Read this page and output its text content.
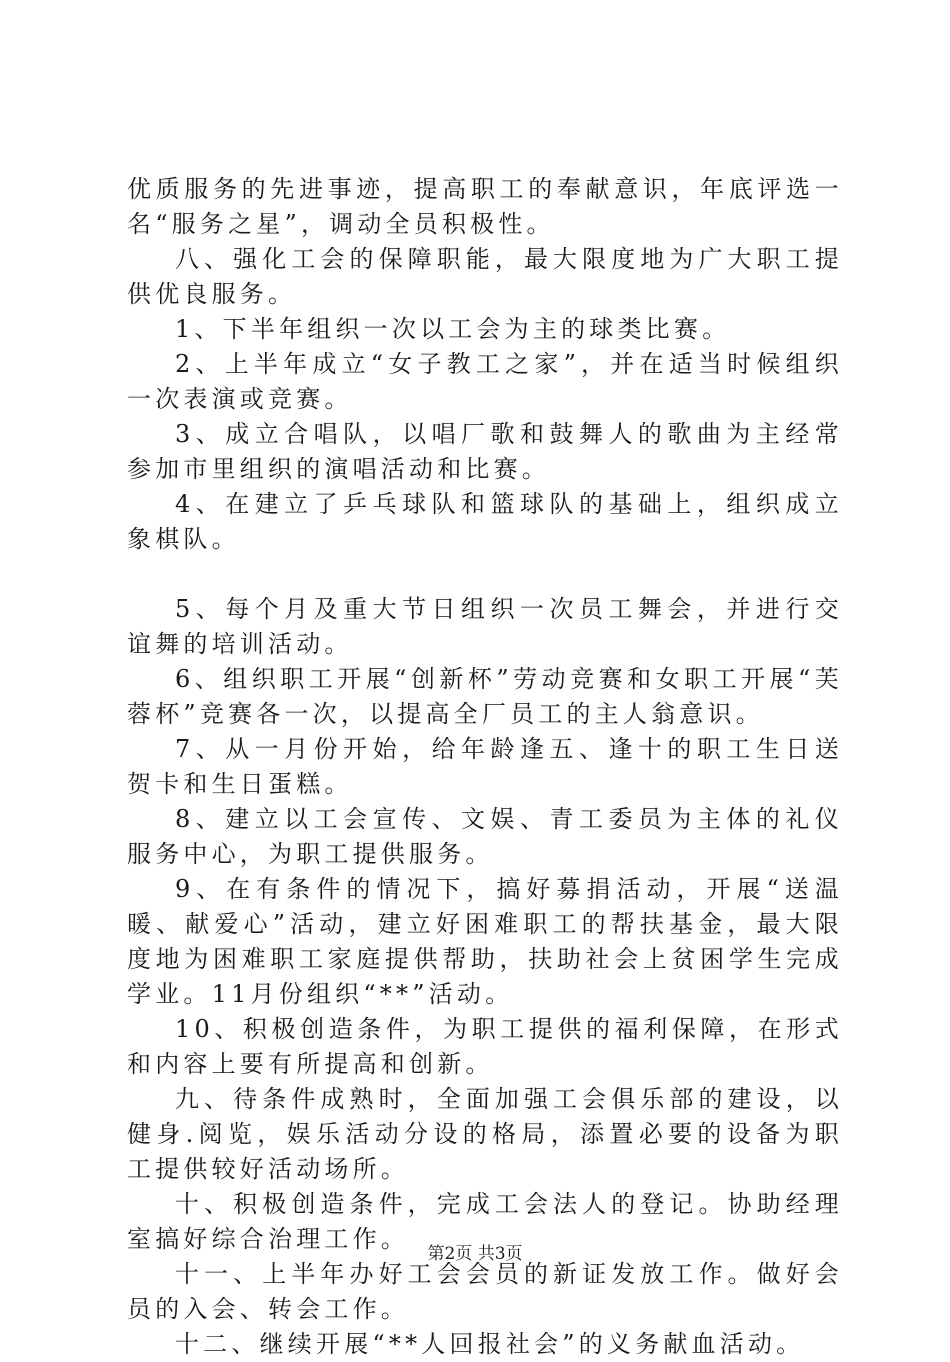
优质服务的先进事迹，提高职工的奉献意识，年底评选一名“服务之星”，调动全员积极性。

八、强化工会的保障职能，最大限度地为广大职工提供优良服务。

1、下半年组织一次以工会为主的球类比赛。

2、上半年成立“女子教工之家”，并在适当时候组织一次表演或竞赛。

3、成立合唱队，以唱厂歌和鼓舞人的歌曲为主经常参加市里组织的演唱活动和比赛。

4、在建立了乒乓球队和篮球队的基础上，组织成立象棋队。

5、每个月及重大节日组织一次员工舞会，并进行交谊舞的培训活动。

6、组织职工开展“创新杯”劳动竞赛和女职工开展“芙蓉杯”竞赛各一次，以提高全厂员工的主人翁意识。

7、从一月份开始，给年龄逢五、逢十的职工生日送贺卡和生日蛋糕。

8、建立以工会宣传、文娱、青工委员为主体的礼仪服务中心，为职工提供服务。

9、在有条件的情况下，搞好募捐活动，开展“送温暖、献爱心”活动，建立好困难职工的帮扶基金，最大限度地为困难职工家庭提供帮助，扶助社会上贫困学生完成学业。11月份组织“**”活动。

10、积极创造条件，为职工提供的福利保障，在形式和内容上要有所提高和创新。

九、待条件成熟时，全面加强工会俱乐部的建设，以健身.阅览，娱乐活动分设的格局，添置必要的设备为职工提供较好活动场所。

十、积极创造条件，完成工会法人的登记。协助经理室搞好综合治理工作。

十一、上半年办好工会会员的新证发放工作。做好会员的入会、转会工作。

十二、继续开展“**人回报社会”的义务献血活动。

第2页 共3页
